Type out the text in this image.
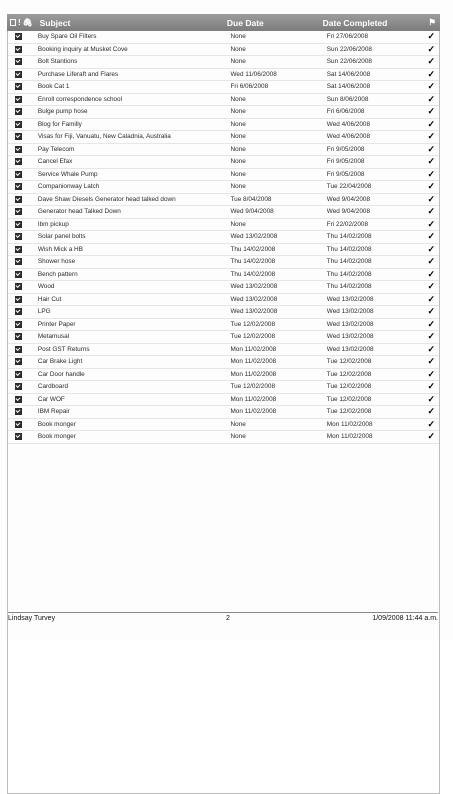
! 🖇︎ Subject	Due Date	Date Completed	⚑
Buy Spare Oil Filters	None	Fri 27/06/2008	✓
Booking inquiry at Musket Cove	None	Sun 22/06/2008	✓
Bolt Stantions	None	Sun 22/06/2008	✓
Purchase Liferaft and Flares	Wed 11/06/2008	Sat 14/06/2008	✓
Book Cat 1	Fri 6/06/2008	Sat 14/06/2008	✓
Enroll correspondence school	None	Sun 8/06/2008	✓
Bulge pump hose	None	Fri 6/06/2008	✓
Blog for Familly	None	Wed 4/06/2008	✓
Visas for Fiji, Vanuatu, New Caladnia, Australia	None	Wed 4/06/2008	✓
Pay Telecom	None	Fri 9/05/2008	✓
Cancel Efax	None	Fri 9/05/2008	✓
Service Whale Pump	None	Fri 9/05/2008	✓
Companionway Latch	None	Tue 22/04/2008	✓
Dave Shaw Diesels Generator head talked down	Tue 8/04/2008	Wed 9/04/2008	✓
Generator head Talked Down	Wed 9/04/2008	Wed 9/04/2008	✓
Ibm pickup	None	Fri 22/02/2008	✓
Solar panel bolts	Wed 13/02/2008	Thu 14/02/2008	✓
Wish Mick a HB	Thu 14/02/2008	Thu 14/02/2008	✓
Shower hose	Thu 14/02/2008	Thu 14/02/2008	✓
Bench pattern	Thu 14/02/2008	Thu 14/02/2008	✓
Wood	Wed 13/02/2008	Thu 14/02/2008	✓
Hair Cut	Wed 13/02/2008	Wed 13/02/2008	✓
LPG	Wed 13/02/2008	Wed 13/02/2008	✓
Printer Paper	Tue 12/02/2008	Wed 13/02/2008	✓
Metamusal	Tue 12/02/2008	Wed 13/02/2008	✓
Post GST Returns	Mon 11/02/2008	Wed 13/02/2008	✓
Car Brake Light	Mon 11/02/2008	Tue 12/02/2008	✓
Car Door handle	Mon 11/02/2008	Tue 12/02/2008	✓
Cardboard	Tue 12/02/2008	Tue 12/02/2008	✓
Car WOF	Mon 11/02/2008	Tue 12/02/2008	✓
IBM Repair	Mon 11/02/2008	Tue 12/02/2008	✓
Book monger	None	Mon 11/02/2008	✓
Book monger	None	Mon 11/02/2008	✓
Lindsay Turvey	2	1/09/2008 11:44 a.m.
